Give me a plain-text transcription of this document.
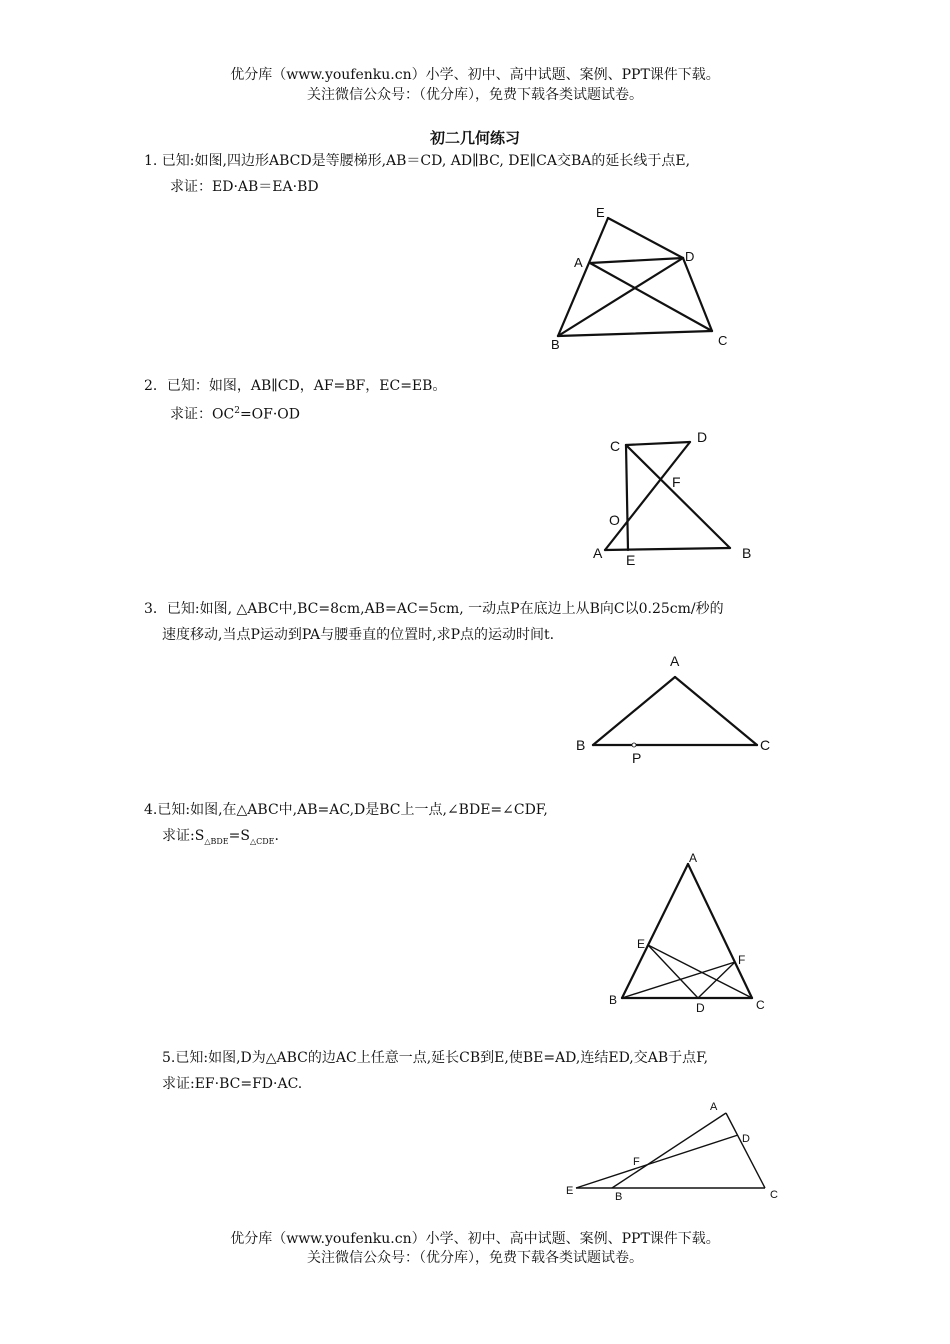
优分库（www.youfenku.cn）小学、初中、高中试题、案例、PPT课件下载。
关注微信公众号：（优分库），免费下载各类试题试卷。
初二几何练习
1. 已知:如图,四边形ABCD是等腰梯形,AB＝CD, AD∥BC, DE∥CA交BA的延长线于点E,
求证：ED·AB＝EA·BD
E
A	D
B	C
2．已知：如图，AB∥CD，AF=BF，EC=EB。
求证：$OC^2=OF\cdot OD$
C
D
F
O
A E	B
3．已知:如图, △ABC中,BC=8cm,AB=AC=5cm, 一动点P在底边上从B向C以0.25cm/秒的
速度移动,当点P运动到PA与腰垂直的位置时,求P点的运动时间t.
A
B	C
P
4.已知:如图,在△ABC中,AB=AC,D是BC上一点,∠BDE=∠CDF,
求证$:S_{\triangle BDE}=S_{\triangle CDE}$.
A
E
F
B
D	C
5.已知:如图,D为△ABC的边AC上任意一点,延长CB到E,使BE=AD,连结ED,交AB于点F,
求证:EF·BC=FD·AC.
A
D
F
E	B	C
优分库（www.youfenku.cn）小学、初中、高中试题、案例、PPT课件下载。
关注微信公众号：（优分库），免费下载各类试题试卷。
